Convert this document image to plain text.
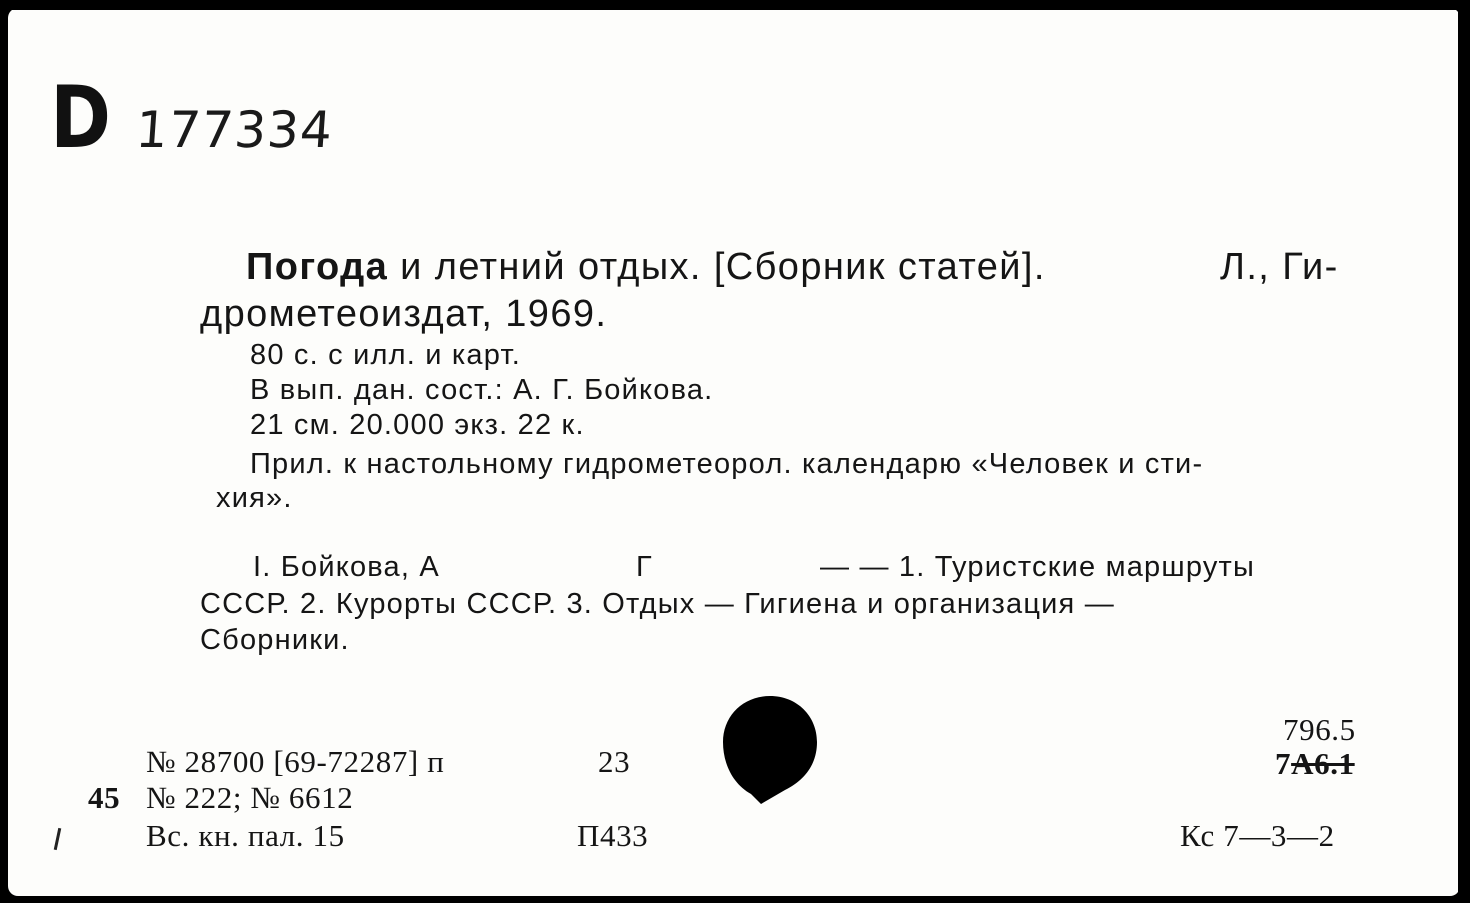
D 177334
Погода и летний отдых. [Сборник статей].	Л., Ги-
дрометеоиздат, 1969.
80 с. с илл. и карт.
В вып. дан. сост.: А. Г. Бойкова.
21 см. 20.000 экз. 22 к.
Прил. к настольному гидрометеорол. календарю «Человек и сти-
хия».
I. Бойкова, А	Г	— — 1. Туристские маршруты
СССР. 2. Курорты СССР. 3. Отдых — Гигиена и организация —
Сборники.
№ 28700 [69-72287] п	23
45 № 222; № 6612
Вс. кн. пал. 15	П433
796.5
7А6.1
Кс 7—3—2
